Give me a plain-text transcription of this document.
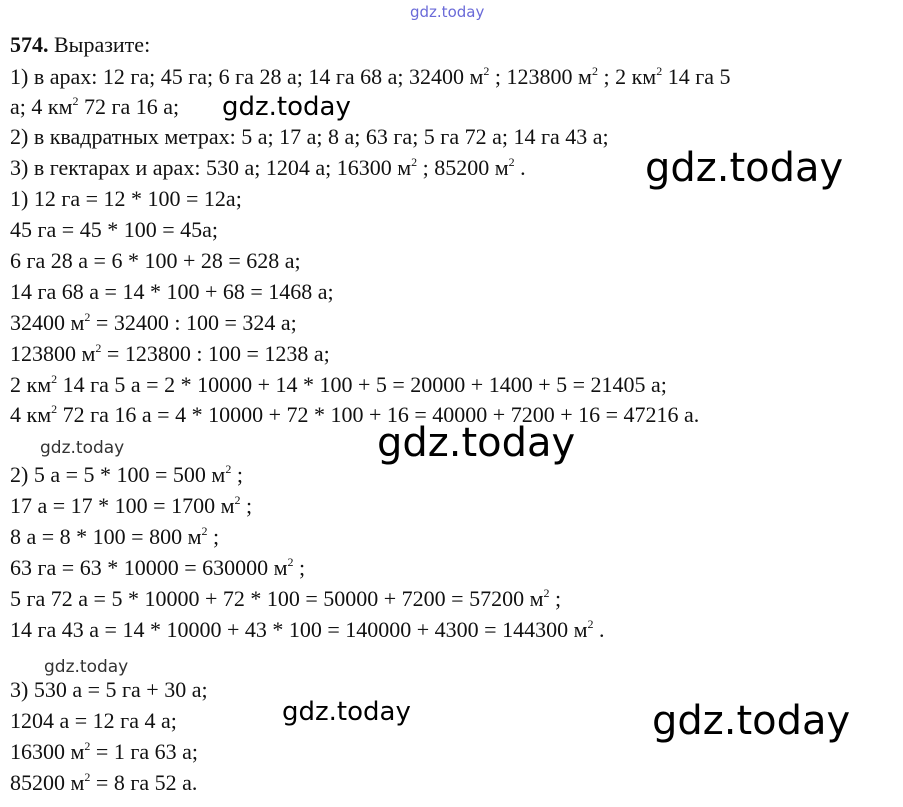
gdz.today
gdz.today
gdz.today
gdz.today	gdz.today
gdz.today
gdz.today	gdz.today

574. Выразите:

1) в арах: 12 га; 45 га; 6 га 28 а; 14 га 68 а; 32400 $м^2$ ; 123800 $м^2$ ; 2 $км^2$ 14 га 5

а; 4 $км^2$ 72 га 16 а;

2) в квадратных метрах: 5 а; 17 а; 8 а; 63 га; 5 га 72 а; 14 га 43 а;

3) в гектарах и арах: 530 а; 1204 а; 16300 $м^2$ ; 85200 $м^2$ .

1) 12 га = 12 * 100 = 12а;

45 га = 45 * 100 = 45а;

6 га 28 а = 6 * 100 + 28 = 628 а;

14 га 68 а = 14 * 100 + 68 = 1468 а;

32400 $м^2 = 32400$ : 100 = 324 а;

123800 $м^2 = 123800$ : 100 = 1238 а;

2 $км^2$ 14 га 5 а = 2 * 10000 + 14 * 100 + 5 = 20000 + 1400 + 5 = 21405 а;

4 $км^2$ 72 га 16 а = 4 * 10000 + 72 * 100 + 16 = 40000 + 7200 + 16 = 47216 а.

2) 5 а = 5 * 100 = 500 $м^2$ ;

17 а = 17 * 100 = 1700 $м^2$ ;

8 а = 8 * 100 = 800 $м^2$ ;

63 га = 63 * 10000 = 630000 $м^2$ ;

5 га 72 а = 5 * 10000 + 72 * 100 = 50000 + 7200 = 57200 $м^2$ ;

14 га 43 а = 14 * 10000 + 43 * 100 = 140000 + 4300 = 144300 $м^2$ .

3) 530 а = 5 га + 30 а;

1204 а = 12 га 4 а;

16300 $м^2 = 1$ га 63 а;

85200 $м^2 = 8$ га 52 а.
